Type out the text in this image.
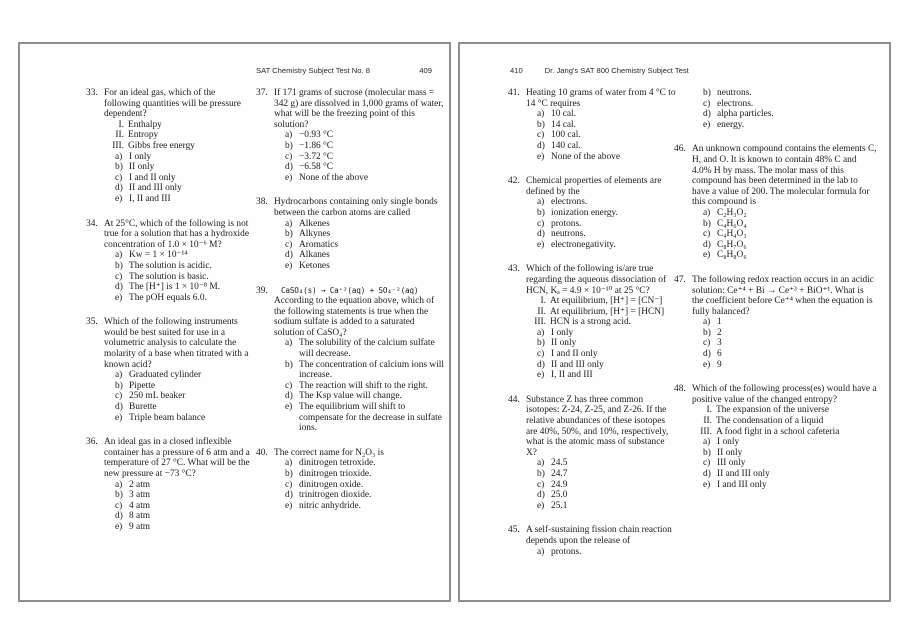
SAT Chemistry Subject Test No. 8	409
33. For an ideal gas, which of the following quantities will be pressure dependent?
I. Enthalpy
II. Entropy
III. Gibbs free energy
a) I only
b) II only
c) I and II only
d) II and III only
e) I, II and III
34. At 25°C, which of the following is not true for a solution that has a hydroxide concentration of 1.0 × 10⁻⁶ M?
a) Kw = 1 × 10⁻¹⁴
b) The solution is acidic.
c) The solution is basic.
d) The [H⁺] is 1 × 10⁻⁸ M.
e) The pOH equals 6.0.
35. Which of the following instruments would be best suited for use in a volumetric analysis to calculate the molarity of a base when titrated with a known acid?
a) Graduated cylinder
b) Pipette
c) 250 mL beaker
d) Burette
e) Triple beam balance
36. An ideal gas in a closed inflexible container has a pressure of 6 atm and a temperature of 27 °C. What will be the new pressure at −73 °C?
a) 2 atm
b) 3 atm
c) 4 atm
d) 8 atm
e) 9 atm
37. If 171 grams of sucrose (molecular mass = 342 g) are dissolved in 1,000 grams of water, what will be the freezing point of this solution?
a) −0.93 °C
b) −1.86 °C
c) −3.72 °C
d) −6.58 °C
e) None of the above
38. Hydrocarbons containing only single bonds between the carbon atoms are called
a) Alkenes
b) Alkynes
c) Aromatics
d) Alkanes
e) Ketones
39.	CaSO₄(s) → Ca⁺²(aq) + SO₄⁻²(aq)
According to the equation above, which of the following statements is true when the sodium sulfate is added to a saturated solution of CaSO₄?
a) The solubility of the calcium sulfate will decrease.
b) The concentration of calcium ions will increase.
c) The reaction will shift to the right.
d) The Ksp value will change.
e) The equilibrium will shift to compensate for the decrease in sulfate ions.
40. The correct name for N₂O₃ is
a) dinitrogen tetroxide.
b) dinitrogen trioxide.
c) dinitrogen oxide.
d) trinitrogen dioxide.
e) nitric anhydride.
410	Dr. Jang's SAT 800 Chemistry Subject Test
41. Heating 10 grams of water from 4 °C to 14 °C requires
a) 10 cal.
b) 14 cal.
c) 100 cal.
d) 140 cal.
e) None of the above
42. Chemical properties of elements are defined by the
a) electrons.
b) ionization energy.
c) protons.
d) neutrons.
e) electronegativity.
43. Which of the following is/are true regarding the aqueous dissociation of HCN, Kₐ = 4.9 × 10⁻¹⁰ at 25 °C?
I. At equilibrium, [H⁺] = [CN⁻]
II. At equilibrium, [H⁺] = [HCN]
III. HCN is a strong acid.
a) I only
b) II only
c) I and II only
d) II and III only
e) I, II and III
44. Substance Z has three common isotopes: Z-24, Z-25, and Z-26. If the relative abundances of these isotopes are 40%, 50%, and 10%, respectively, what is the atomic mass of substance X?
a) 24.5
b) 24.7
c) 24.9
d) 25.0
e) 25.1
45. A self-sustaining fission chain reaction depends upon the release of
a) protons.
b) neutrons.
c) electrons.
d) alpha particles.
e) energy.
46. An unknown compound contains the elements C, H, and O. It is known to contain 48% C and 4.0% H by mass. The molar mass of this compound has been determined in the lab to have a value of 200. The molecular formula for this compound is
a) C₂H₃O₂
b) C₄H₆O₄
c) C₄H₄O₃
d) C₈H₇O₆
e) C₈H₈O₆
47. The following redox reaction occurs in an acidic solution: Ce⁺⁴ + Bi → Ce⁺³ + BiO⁺¹. What is the coefficient before Ce⁺⁴ when the equation is fully balanced?
a) 1
b) 2
c) 3
d) 6
e) 9
48. Which of the following process(es) would have a positive value of the changed entropy?
I. The expansion of the universe
II. The condensation of a liquid
III. A food fight in a school cafeteria
a) I only
b) II only
c) III only
d) II and III only
e) I and III only
